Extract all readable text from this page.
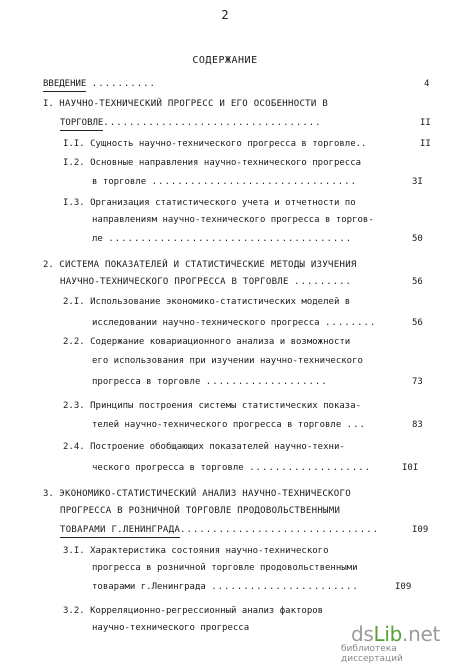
2
СОДЕРЖАНИЕ
ВВЕДЕНИЕ ..........	4
I. НАУЧНО-ТЕХНИЧЕСКИЙ ПРОГРЕСС И ЕГО ОСОБЕННОСТИ В
ТОРГОВЛЕ..................................	II
I.I. Сущность научно-технического прогресса в торговле..	II
I.2. Основные направления научно-технического прогресса
в торговле ................................	3I
I.3. Организация статистического учета и отчетности по
направлениям научно-технического прогресса в торгов-
ле ......................................	50
2. СИСТЕМА ПОКАЗАТЕЛЕЙ И СТАТИСТИЧЕСКИЕ МЕТОДЫ ИЗУЧЕНИЯ
НАУЧНО-ТЕХНИЧЕСКОГО ПРОГРЕССА В ТОРГОВЛЕ .........	56
2.I. Использование экономико-статистических моделей в
исследовании научно-технического прогресса ........	56
2.2. Содержание ковариационного анализа и возможности
его использования при изучении научно-технического
прогресса в торговле ...................	73
2.3. Принципы построения системы статистических показа-
телей научно-технического прогресса в торговле ...	83
2.4. Построение обобщающих показателей научно-техни-
ческого прогресса в торговле ...................	I0I
3. ЭКОНОМИКО-СТАТИСТИЧЕСКИЙ АНАЛИЗ НАУЧНО-ТЕХНИЧЕСКОГО
ПРОГРЕССА В РОЗНИЧНОЙ ТОРГОВЛЕ ПРОДОВОЛЬСТВЕННЫМИ
ТОВАРАМИ Г.ЛЕНИНГРАДА...............................	I09
3.I. Характеристика состояния научно-технического
прогресса в розничной торговле продовольственными
товарами г.Ленинграда .......................	I09
3.2. Корреляционно-регрессионный анализ факторов
научно-технического прогресса	dsLib.net
библиотека диссертаций
